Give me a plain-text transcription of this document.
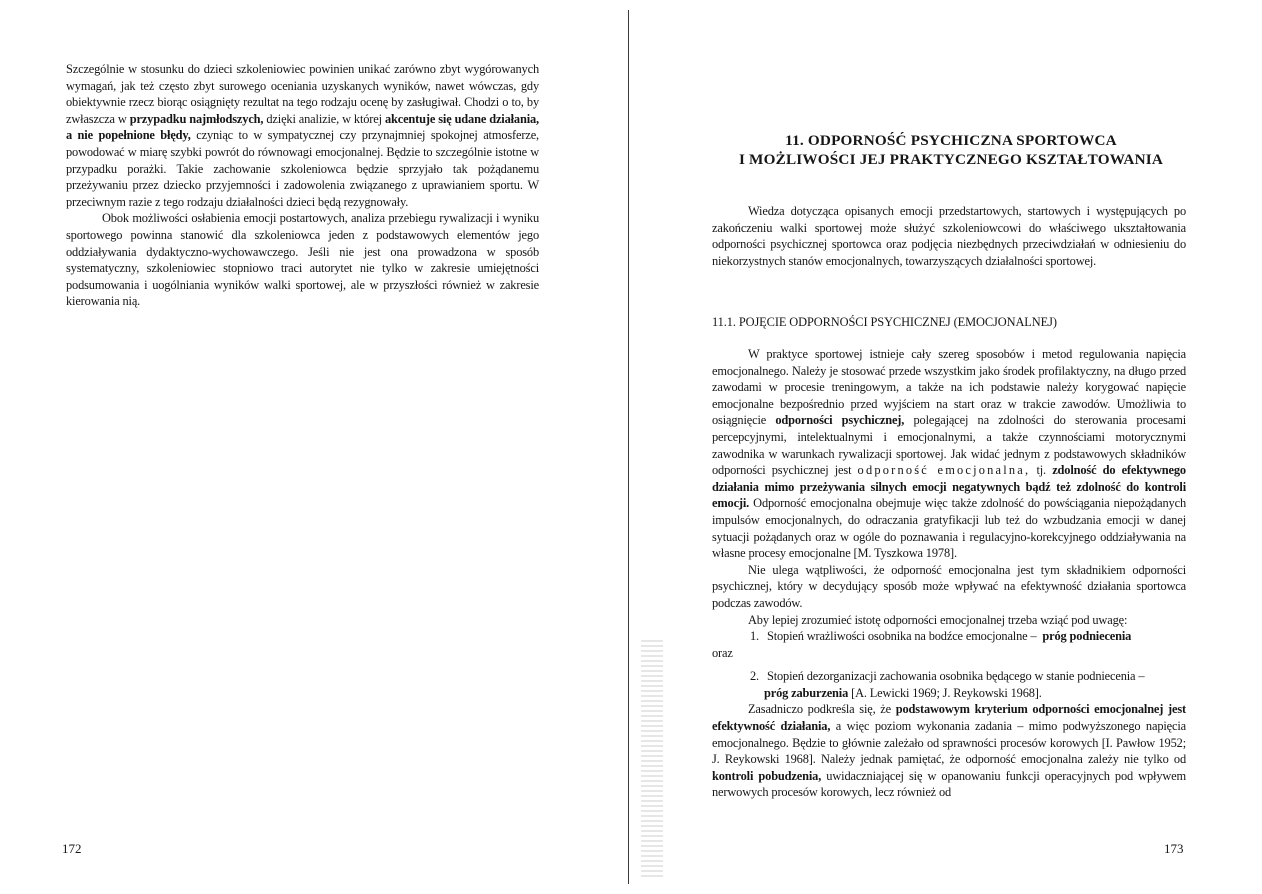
Szczególnie w stosunku do dzieci szkoleniowiec powinien unikać zarówno zbyt wygórowanych wymagań, jak też często zbyt surowego oceniania uzyskanych wyników, nawet wówczas, gdy obiektywnie rzecz biorąc osiągnięty rezultat na tego rodzaju ocenę by zasługiwał. Chodzi o to, by zwłaszcza w przypadku najmłodszych, dzięki analizie, w której akcentuje się udane działania, a nie popełnione błędy, czyniąc to w sympatycznej czy przynajmniej spokojnej atmosferze, powodować w miarę szybki powrót do równowagi emocjonalnej. Będzie to szczególnie istotne w przypadku porażki. Takie zachowanie szkoleniowca będzie sprzyjało tak pożądanemu przeżywaniu przez dziecko przyjemności i zadowolenia związanego z uprawianiem sportu. W przeciwnym razie z tego rodzaju działalności dzieci będą rezygnowały.

Obok możliwości osłabienia emocji postartowych, analiza przebiegu rywalizacji i wyniku sportowego powinna stanowić dla szkoleniowca jeden z podstawowych elementów jego oddziaływania dydaktyczno-wychowawczego. Jeśli nie jest ona prowadzona w sposób systematyczny, szkoleniowiec stopniowo traci autorytet nie tylko w zakresie umiejętności podsumowania i uogólniania wyników walki sportowej, ale w przyszłości również w zakresie kierowania nią.

172
11. ODPORNOŚĆ PSYCHICZNA SPORTOWCA
I MOŻLIWOŚCI JEJ PRAKTYCZNEGO KSZTAŁTOWANIA

Wiedza dotycząca opisanych emocji przedstartowych, startowych i występujących po zakończeniu walki sportowej może służyć szkoleniowcowi do właściwego ukształtowania odporności psychicznej sportowca oraz podjęcia niezbędnych przeciwdziałań w odniesieniu do niekorzystnych stanów emocjonalnych, towarzyszących działalności sportowej.

11.1. POJĘCIE ODPORNOŚCI PSYCHICZNEJ (EMOCJONALNEJ)

W praktyce sportowej istnieje cały szereg sposobów i metod regulowania napięcia emocjonalnego. Należy je stosować przede wszystkim jako środek profilaktyczny, na długo przed zawodami w procesie treningowym, a także na ich podstawie należy korygować napięcie emocjonalne bezpośrednio przed wyjściem na start oraz w trakcie zawodów. Umożliwia to osiągnięcie odporności psychicznej, polegającej na zdolności do sterowania procesami percepcyjnymi, intelektualnymi i emocjonalnymi, a także czynnościami motorycznymi zawodnika w warunkach rywalizacji sportowej. Jak widać jednym z podstawowych składników odporności psychicznej jest odporność emocjonalna, tj. zdolność do efektywnego działania mimo przeżywania silnych emocji negatywnych bądź też zdolność do kontroli emocji. Odporność emocjonalna obejmuje więc także zdolność do powściągania niepożądanych impulsów emocjonalnych, do odraczania gratyfikacji lub też do wzbudzania emocji w danej sytuacji pożądanych oraz w ogóle do poznawania i regulacyjno-korekcyjnego oddziaływania na własne procesy emocjonalne [M. Tyszkowa 1978].

Nie ulega wątpliwości, że odporność emocjonalna jest tym składnikiem odporności psychicznej, który w decydujący sposób może wpływać na efektywność działania sportowca podczas zawodów.

Aby lepiej zrozumieć istotę odporności emocjonalnej trzeba wziąć pod uwagę:

1. Stopień wrażliwości osobnika na bodźce emocjonalne – próg podniecenia

oraz

2. Stopień dezorganizacji zachowania osobnika będącego w stanie podniecenia –
próg zaburzenia [A. Lewicki 1969; J. Reykowski 1968].

Zasadniczo podkreśla się, że podstawowym kryterium odporności emocjonalnej jest efektywność działania, a więc poziom wykonania zadania – mimo podwyższonego napięcia emocjonalnego. Będzie to głównie zależało od sprawności procesów korowych [I. Pawłow 1952; J. Reykowski 1968]. Należy jednak pamiętać, że odporność emocjonalna zależy nie tylko od kontroli pobudzenia, uwidaczniającej się w opanowaniu funkcji operacyjnych pod wpływem nerwowych procesów korowych, lecz również od

173
